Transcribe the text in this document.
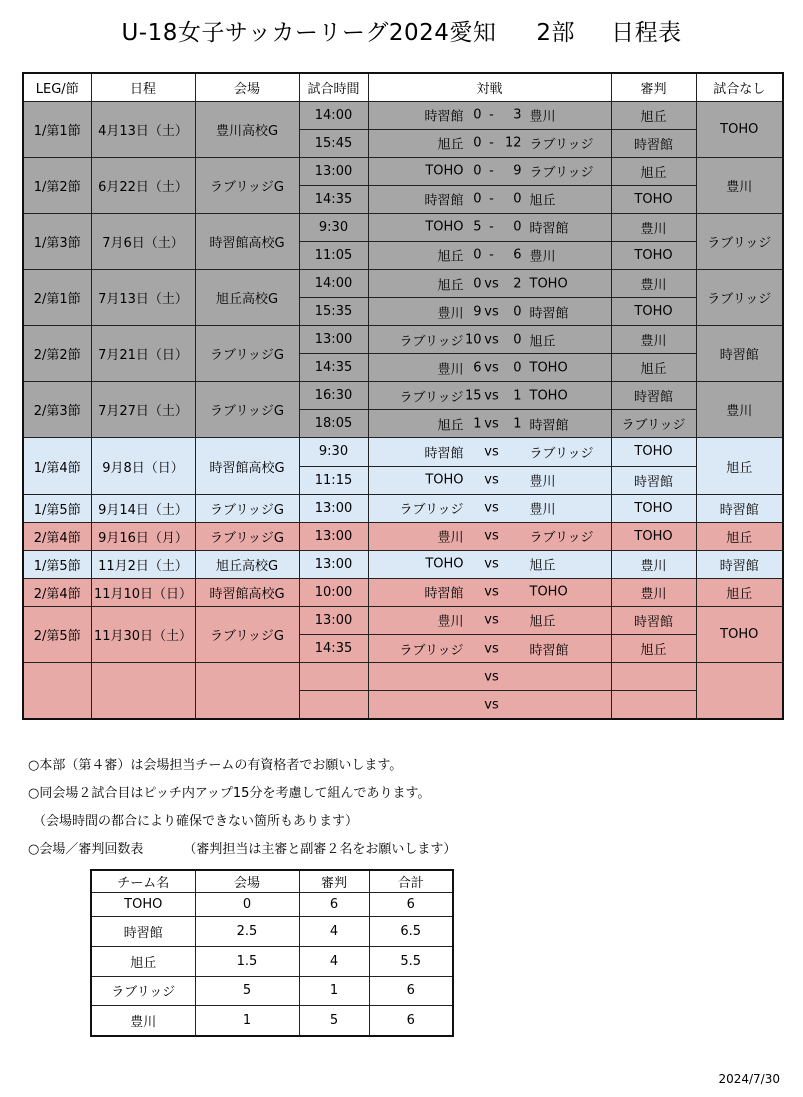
U-18女子サッカーリーグ2024愛知 2部 日程表
LEG/節	日程	会場	試合時間	対戦	審判	試合なし
1/第1節	4月13日（土）	豊川高校G	14:00	時習館 0 - 3 豊川	旭丘	TOHO
			15:45	旭丘 0 - 12 ラブリッジ	時習館	
1/第2節	6月22日（土）	ラブリッジG	13:00	TOHO 0 - 9 ラブリッジ	旭丘	豊川
			14:35	時習館 0 - 0 旭丘	TOHO	
1/第3節	7月6日（土）	時習館高校G	9:30	TOHO 5 - 0 時習館	豊川	ラブリッジ
			11:05	旭丘 0 - 6 豊川	TOHO	
2/第1節	7月13日（土）	旭丘高校G	14:00	旭丘 0 vs 2 TOHO	豊川	ラブリッジ
			15:35	豊川 9 vs 0 時習館	TOHO	
2/第2節	7月21日（日）	ラブリッジG	13:00	ラブリッジ 10 vs 0 旭丘	豊川	時習館
			14:35	豊川 6 vs 0 TOHO	旭丘	
2/第3節	7月27日（土）	ラブリッジG	16:30	ラブリッジ 15 vs 1 TOHO	時習館	豊川
			18:05	旭丘 1 vs 1 時習館	ラブリッジ	
1/第4節	9月8日（日）	時習館高校G	9:30	時習館 vs ラブリッジ	TOHO	旭丘
			11:15	TOHO vs 豊川	時習館	
1/第5節	9月14日（土）	ラブリッジG	13:00	ラブリッジ vs 豊川	TOHO	時習館
2/第4節	9月16日（月）	ラブリッジG	13:00	豊川 vs ラブリッジ	TOHO	旭丘
1/第5節	11月2日（土）	旭丘高校G	13:00	TOHO vs 旭丘	豊川	時習館
2/第4節	11月10日（日）	時習館高校G	10:00	時習館 vs TOHO	豊川	旭丘
2/第5節	11月30日（土）	ラブリッジG	13:00	豊川 vs 旭丘	時習館	TOHO
			14:35	ラブリッジ vs 時習館	旭丘	

				vs		

				vs		

○本部（第４審）は会場担当チームの有資格者でお願いします。
○同会場２試合目はピッチ内アップ15分を考慮して組んであります。
（会場時間の都合により確保できない箇所もあります）
○会場／審判回数表	（審判担当は主審と副審２名をお願いします）
チーム名	会場	審判	合計
TOHO	0	6	6
時習館	2.5	4	6.5
旭丘	1.5	4	5.5
ラブリッジ	5	1	6
豊川	1	5	6
2024/7/30
